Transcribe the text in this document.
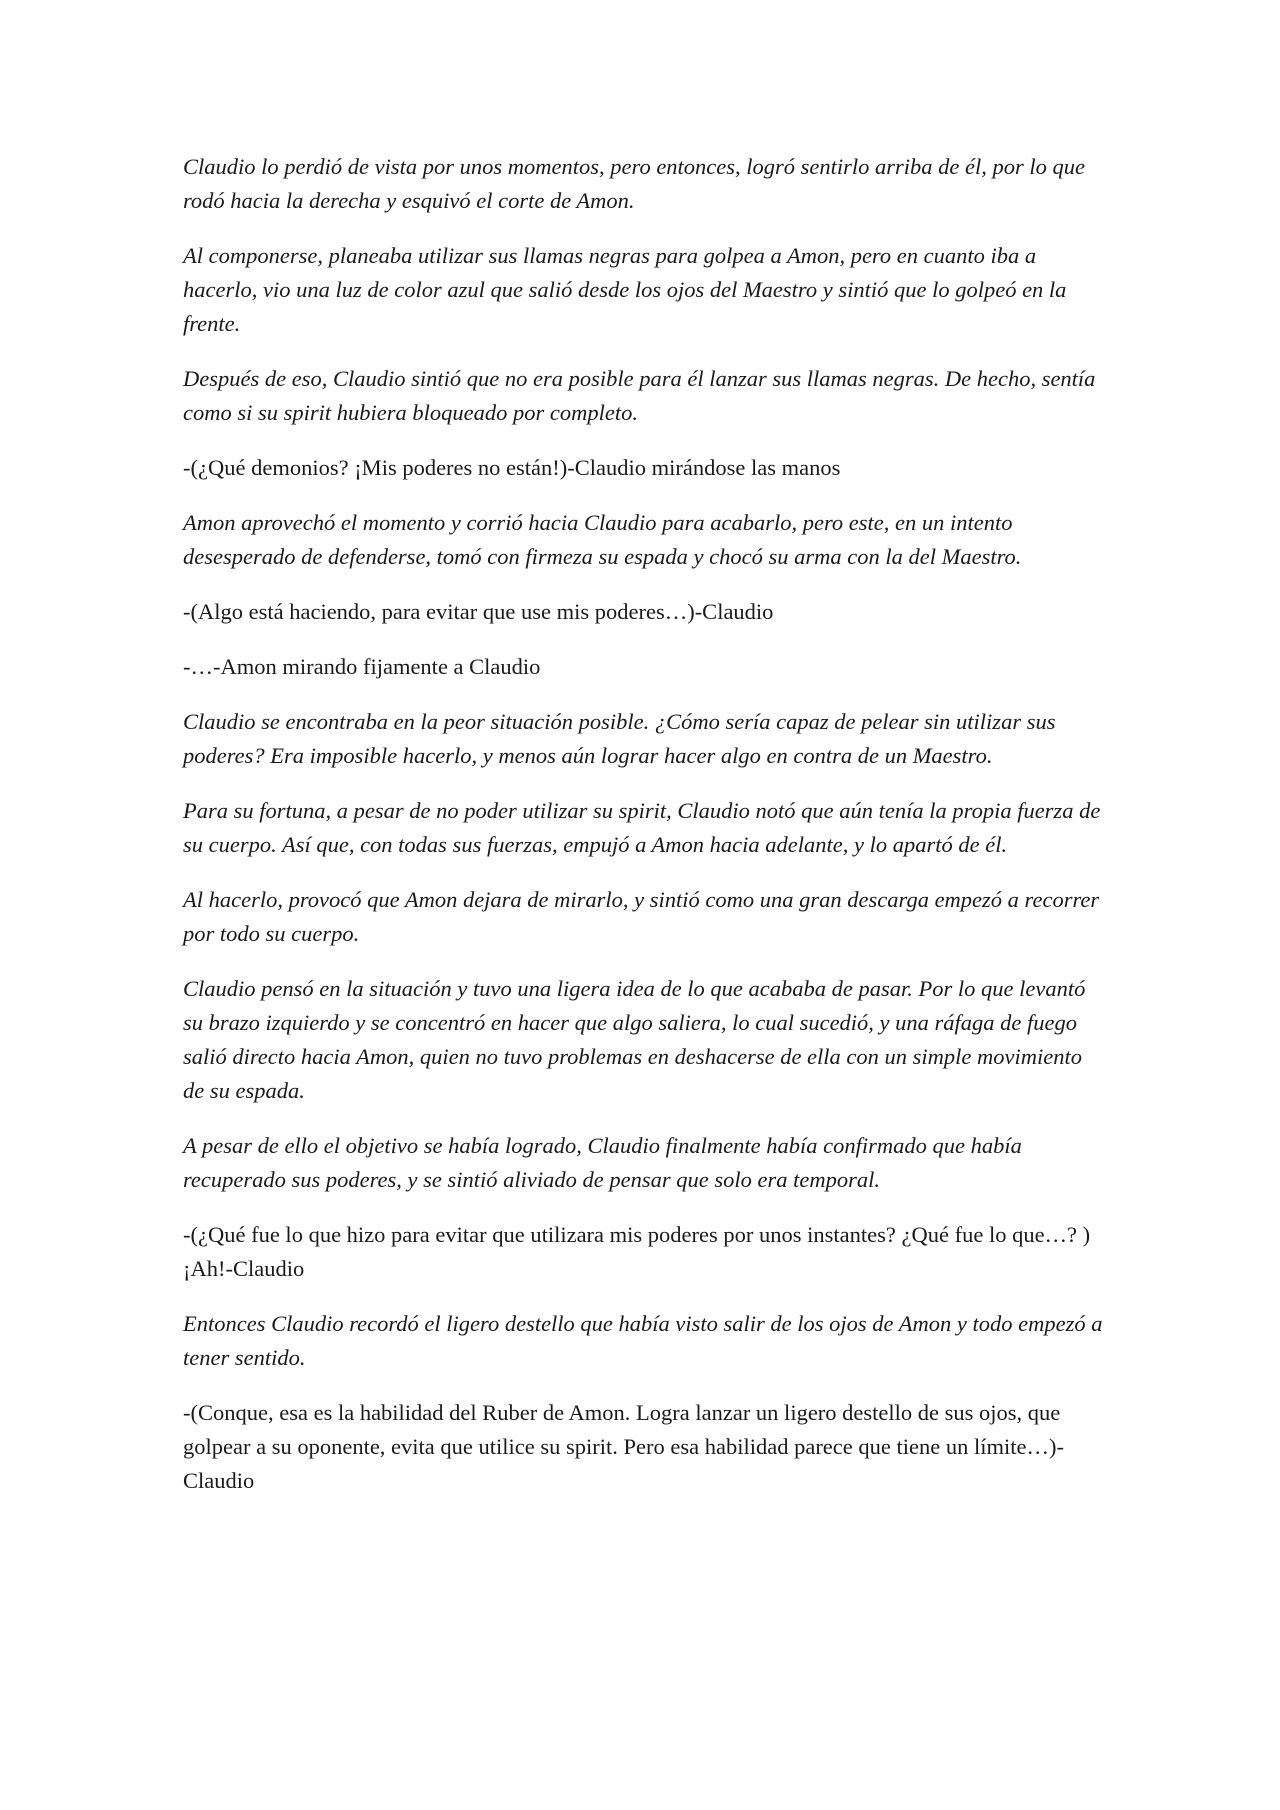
Claudio lo perdió de vista por unos momentos, pero entonces, logró sentirlo arriba de él, por lo que rodó hacia la derecha y esquivó el corte de Amon.

Al componerse, planeaba utilizar sus llamas negras para golpea a Amon, pero en cuanto iba a hacerlo, vio una luz de color azul que salió desde los ojos del Maestro y sintió que lo golpeó en la frente.

Después de eso, Claudio sintió que no era posible para él lanzar sus llamas negras. De hecho, sentía como si su spirit hubiera bloqueado por completo.

-(¿Qué demonios? ¡Mis poderes no están!)-Claudio mirándose las manos

Amon aprovechó el momento y corrió hacia Claudio para acabarlo, pero este, en un intento desesperado de defenderse, tomó con firmeza su espada y chocó su arma con la del Maestro.

-(Algo está haciendo, para evitar que use mis poderes…)-Claudio

-…-Amon mirando fijamente a Claudio

Claudio se encontraba en la peor situación posible. ¿Cómo sería capaz de pelear sin utilizar sus poderes? Era imposible hacerlo, y menos aún lograr hacer algo en contra de un Maestro.

Para su fortuna, a pesar de no poder utilizar su spirit, Claudio notó que aún tenía la propia fuerza de su cuerpo. Así que, con todas sus fuerzas, empujó a Amon hacia adelante, y lo apartó de él.

Al hacerlo, provocó que Amon dejara de mirarlo, y sintió como una gran descarga empezó a recorrer por todo su cuerpo.

Claudio pensó en la situación y tuvo una ligera idea de lo que acababa de pasar. Por lo que levantó su brazo izquierdo y se concentró en hacer que algo saliera, lo cual sucedió, y una ráfaga de fuego salió directo hacia Amon, quien no tuvo problemas en deshacerse de ella con un simple movimiento de su espada.

A pesar de ello el objetivo se había logrado, Claudio finalmente había confirmado que había recuperado sus poderes, y se sintió aliviado de pensar que solo era temporal.

-(¿Qué fue lo que hizo para evitar que utilizara mis poderes por unos instantes? ¿Qué fue lo que…? ) ¡Ah!-Claudio

Entonces Claudio recordó el ligero destello que había visto salir de los ojos de Amon y todo empezó a tener sentido.

-(Conque, esa es la habilidad del Ruber de Amon. Logra lanzar un ligero destello de sus ojos, que golpear a su oponente, evita que utilice su spirit. Pero esa habilidad parece que tiene un límite…)-Claudio
